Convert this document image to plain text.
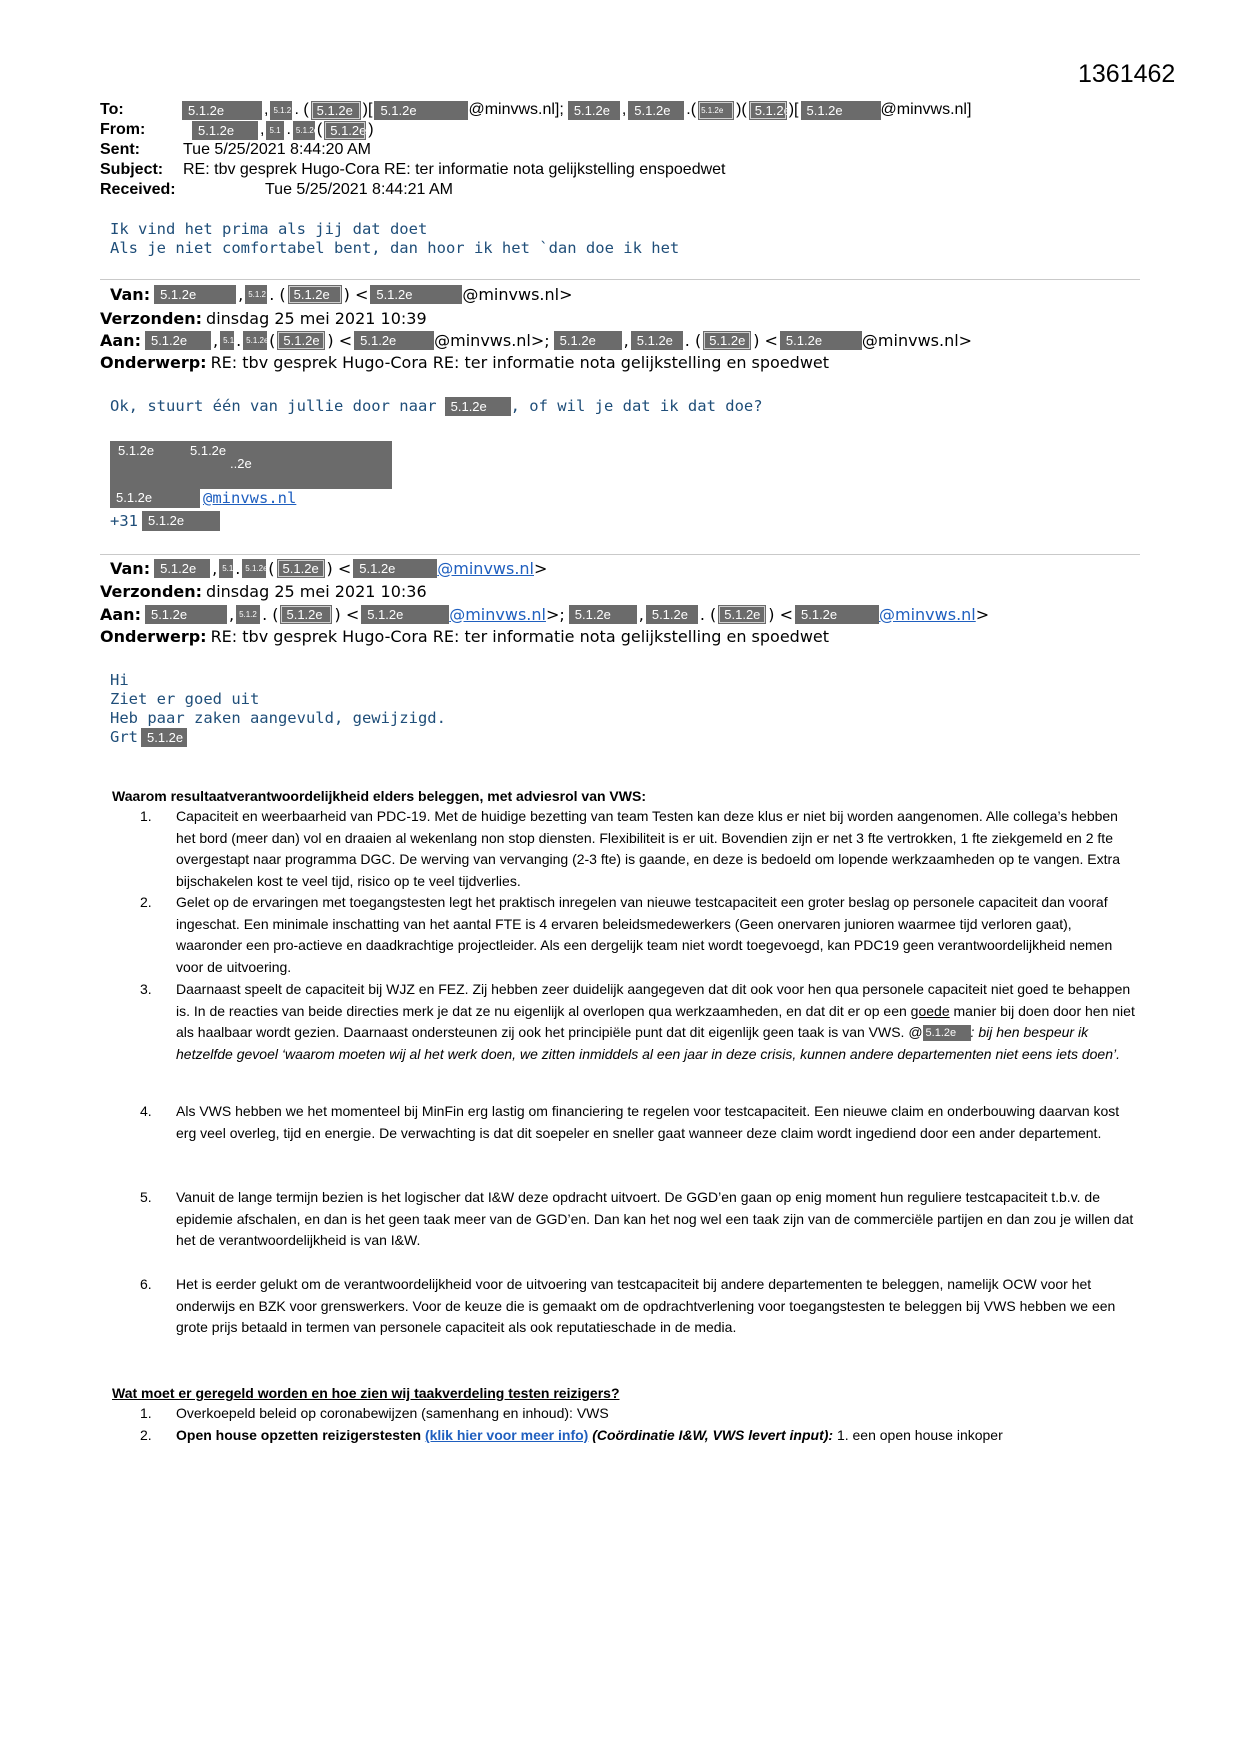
1361462
To:	5.1.2e	, 5.1.2 . ( 5.1.2e )[ 5.1.2e	@minvws.nl]; 5.1.2e , 5.1.2e .( 5.1.2e )( 5.1.2e
)[ 5.1.2e	@minvws.nl]
From:	5.1.2e	, 5.1 . 5.1.2e
( 5.1.2e )
Sent:	Tue 5/25/2021 8:44:20 AM
Subject:	RE: tbv gesprek Hugo-Cora RE: ter informatie nota gelijkstelling enspoedwet
Received:	Tue 5/25/2021 8:44:21 AM
Ik vind het prima als jij dat doet
Als je niet comfortabel bent, dan hoor ik het `dan doe ik het
Van: 5.1.2e	, 5.1.2 . ( 5.1.2e ) < 5.1.2e	@minvws.nl>
Verzonden: dinsdag 25 mei 2021 10:39
Aan: 5.1.2e	, 5.1 . 5.1.2e ( 5.1.2e ) < 5.1.2e	@minvws.nl>; 5.1.2e	, 5.1.2e . ( 5.1.2e ) < 5.1.2e	@minvws.nl>
Onderwerp: RE: tbv gesprek Hugo-Cora RE: ter informatie nota gelijkstelling en spoedwet
Ok, stuurt één van jullie door naar	5.1.2e	, of wil je dat ik dat doe?
5.1.2e	5.1.2e
..2e
5.1.2e	@minvws.nl
+31 5.1.2e
Van: 5.1.2e , 5.1 . 5.1.2e ( 5.1.2e ) < 5.1.2e	@minvws.nl >
Verzonden: dinsdag 25 mei 2021 10:36
Aan: 5.1.2e	, 5.1.2 . ( 5.1.2e ) < 5.1.2e	@minvws.nl >; 5.1.2e	, 5.1.2e . ( 5.1.2e ) < 5.1.2e	@minvws.nl >
Onderwerp: RE: tbv gesprek Hugo-Cora RE: ter informatie nota gelijkstelling en spoedwet
Hi
Ziet er goed uit
Heb paar zaken aangevuld, gewijzigd.
Grt 5.1.2e
Waarom resultaatverantwoordelijkheid elders beleggen, met adviesrol van VWS:
1. Capaciteit en weerbaarheid van PDC-19. Met de huidige bezetting van team Testen kan deze klus er niet bij worden aangenomen. Alle collega’s hebben het bord (meer dan) vol en draaien al wekenlang non stop diensten. Flexibiliteit is er uit. Bovendien zijn er net 3 fte vertrokken, 1 fte ziekgemeld en 2 fte overgestapt naar programma DGC. De werving van vervanging (2-3 fte) is gaande, en deze is bedoeld om lopende werkzaamheden op te vangen. Extra bijschakelen kost te veel tijd, risico op te veel tijdverlies.
2. Gelet op de ervaringen met toegangstesten legt het praktisch inregelen van nieuwe testcapaciteit een groter beslag op personele capaciteit dan vooraf ingeschat. Een minimale inschatting van het aantal FTE is 4 ervaren beleidsmedewerkers (Geen onervaren junioren waarmee tijd verloren gaat), waaronder een pro-actieve en daadkrachtige projectleider. Als een dergelijk team niet wordt toegevoegd, kan PDC19 geen verantwoordelijkheid nemen voor de uitvoering.
3. Daarnaast speelt de capaciteit bij WJZ en FEZ. Zij hebben zeer duidelijk aangegeven dat dit ook voor hen qua personele capaciteit niet goed te behappen is. In de reacties van beide directies merk je dat ze nu eigenlijk al overlopen qua werkzaamheden, en dat dit er op een goede manier bij doen door hen niet als haalbaar wordt gezien. Daarnaast ondersteunen zij ook het principiële punt dat dit eigenlijk geen taak is van VWS. @ 5.1.2e : bij hen bespeur ik hetzelfde gevoel ‘waarom moeten wij al het werk doen, we zitten inmiddels al een jaar in deze crisis, kunnen andere departementen niet eens iets doen’.
4. Als VWS hebben we het momenteel bij MinFin erg lastig om financiering te regelen voor testcapaciteit. Een nieuwe claim en onderbouwing daarvan kost erg veel overleg, tijd en energie. De verwachting is dat dit soepeler en sneller gaat wanneer deze claim wordt ingediend door een ander departement.
5. Vanuit de lange termijn bezien is het logischer dat I&W deze opdracht uitvoert. De GGD’en gaan op enig moment hun reguliere testcapaciteit t.b.v. de epidemie afschalen, en dan is het geen taak meer van de GGD’en. Dan kan het nog wel een taak zijn van de commerciële partijen en dan zou je willen dat het de verantwoordelijkheid is van I&W.
6. Het is eerder gelukt om de verantwoordelijkheid voor de uitvoering van testcapaciteit bij andere departementen te beleggen, namelijk OCW voor het onderwijs en BZK voor grenswerkers. Voor de keuze die is gemaakt om de opdrachtverlening voor toegangstesten te beleggen bij VWS hebben we een grote prijs betaald in termen van personele capaciteit als ook reputatieschade in de media.
Wat moet er geregeld worden en hoe zien wij taakverdeling testen reizigers?
1. Overkoepeld beleid op coronabewijzen (samenhang en inhoud): VWS
2. Open house opzetten reizigerstesten (klik hier voor meer info) (Coördinatie I&W, VWS levert input): 1. een open house inkoper
